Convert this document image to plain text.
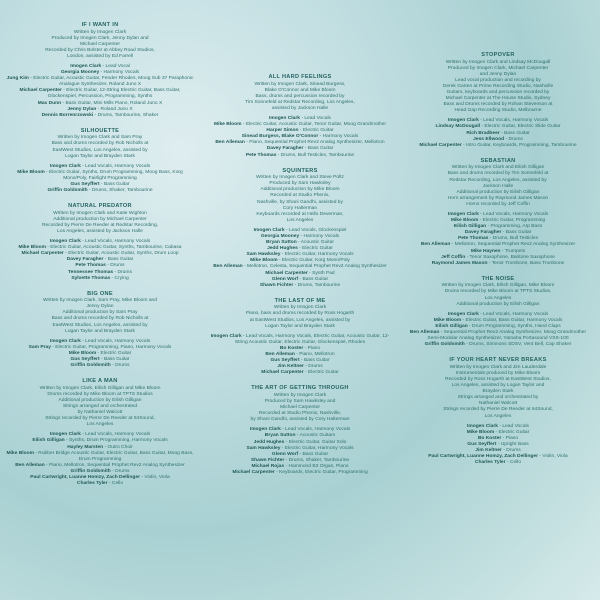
IF I WANT IN

Written by Imogen Clark

Produced by Imogen Clark, Jenny Dylan and

Michael Carpenter

Recorded by Chris Bolster at Abbey Road Studios,

London, assisted by Ed Farrell

Imogen Clark - Lead Vocal

Georgia Mooney - Harmony Vocals

Jung Kim - Electric Guitar, Acoustic Guitar, Fender Rhodes, Moog Sub 37 Paraphonic Analogue Synthesizer, Roland Juno X

Michael Carpenter - Electric Guitar, 12-String Electric Guitar, Bass Guitar, Glockenspiel, Percussion, Programming, Synths

Max Dunn - Bass Guitar, Mini Mills Piano, Roland Juno X

Jenny Dylan - Roland Juno X

Dennis Borrenrzowski - Drums, Tambourine, Shaker

SILHOUETTE

Written by Imogen Clark and Sam Pray

Bass and drums recorded by Rob Nicholls at

EastWest Studios, Los Angeles, assisted by

Logan Taylor and Brayden Stark

Imogen Clark - Lead Vocals, Harmony Vocals

Mike Bloom - Electric Guitar, Synths, Drum Programming, Moog Bass, Korg Mono/Poly, Fairlight Programming

Gus Seyffert - Bass Guitar

Griffin Goldsmith - Drums, Shaker, Tambourine

NATURAL PREDATOR

Written by Imogen Clark and Katie Wighton

Additional production by Michael Carpenter

Recorded by Pierre De Reeder at Redstar Recording,

Los Angeles, assisted by Jackson Halle

Imogen Clark - Lead Vocals, Harmony Vocals

Mike Bloom - Electric Guitar, Acoustic Guitar, Synths, Tambourine, Cabasa

Michael Carpenter - Electric Guitar, Acoustic Guitar, Synths, Drum Loop

Davey Faragher - Bass Guitar

Pete Thomas - Drums

Tennessee Thomas - Drums

Sylvette Thomas - Crying

BIG ONE

Written by Imogen Clark, Sam Pray, Mike Bloom and

Jenny Dylan

Additional production by Sam Pray

Bass and drums recorded by Rob Nicholls at

EastWest Studios, Los Angeles, assisted by

Logan Taylor and Brayden Stark

Imogen Clark - Lead Vocals, Harmony Vocals

Sam Pray - Electric Guitar, Programming, Piano, Harmony Vocals

Mike Bloom - Electric Guitar

Gus Seyffert - Bass Guitar

Griffin Goldsmith - Drums

LIKE A MAN

Written by Imogen Clark, Eilish Gilligan and Mike Bloom

Drums recorded by Mike Bloom at TPTS Studios

Additional production by Eilish Gilligan

Strings arranged and orchestrated

by Nathaniel Walcott

Strings recorded by Pierre De Reeder at 64Sound,

Los Angeles

Imogen Clark - Lead Vocals, Harmony Vocals

Eilish Gilligan - Synths, Drum Programming, Harmony Vocals

Hayley Marsten - Outro Choir

Mike Bloom - Rubber Bridge Acoustic Guitar, Electric Guitar, Bass Guitar, Moog Bass, Drum Programming

Ben Alleman - Piano, Mellotron, Sequential Prophet Rev2 Analog Synthesizer

Griffin Goldsmith - Drums

Paul Cartwright, Luanne Homzy, Zach Dellinger - Violin, Viola

Charles Tyler - Cello

ALL HARD FEELINGS

Written by Imogen Clark, Sinead Burgess,

Blake O'Connor and Mike Bloom

Bass, drums and percussion recorded by

Tim Sonnefeld at Redstar Recording, Los Angeles,

assisted by Jackson Halle

Imogen Clark - Lead Vocals

Mike Bloom - Electric Guitar, Acoustic Guitar, Tenor Guitar, Moog Grandmother

Harper Simon - Electric Guitar

Sinead Burgess, Blake O'Connor - Harmony Vocals

Ben Alleman - Piano, Sequential Prophet Rev2 Analog Synthesizer, Mellotron

Davey Faragher - Bass Guitar

Pete Thomas - Drums, Bull Testicles, Tambourine

SQUINTERS

Written by Imogen Clark and Steve Poltz

Produced by Sam Hawksley

Additional production by Mike Bloom

Recorded at Studio Phenix,

Nashville, by Shani Gandhi, assisted by

Cory Halterman

Keyboards recorded at Hello Deverman,

Los Angeles

Imogen Clark - Lead Vocals, Glockenspiel

Georgia Mooney - Harmony Vocals

Bryan Sutton - Acoustic Guitar

Jedd Hughes - Electric Guitar

Sam Hawksley - Electric Guitar, Harmony Vocals

Mike Bloom - Electric Guitar, Korg Mono/Poly

Ben Alleman - Mellotron, Celesta, Sequential Prophet Rev2 Analog Synthesizer

Michael Carpenter - Synth Pad

Glenn Worf - Bass Guitar

Shawn Fichter - Drums, Tambourine

THE LAST OF ME

Written by Imogen Clark

Piano, bass and drums recorded by Ross Hogarth

at EastWest Studios, Los Angeles, assisted by

Logan Taylor and Brayden Stark

Imogen Clark - Lead Vocals, Harmony Vocals, Electric Guitar, Acoustic Guitar, 12-String Acoustic Guitar, Electric Guitar, Glockenspiel, Rhodes

Bo Koster - Piano

Ben Alleman - Piano, Mellotron

Gus Seyffert - Bass Guitar

Jim Keltner - Drums

Michael Carpenter - Electric Guitar

THE ART OF GETTING THROUGH

Written by Imogen Clark

Produced by Sam Hawksley and

Michael Carpenter

Recorded at Studio Phenix, Nashville,

by Shani Gandhi, assisted by Cory Halterman

Imogen Clark - Lead Vocals, Harmony Vocals

Bryan Sutton - Acoustic Guitars

Jedd Hughes - Electric Guitar, Guitar Solo

Sam Hawksley - Electric Guitar, Harmony Vocals

Glenn Worf - Bass Guitar

Shawn Fichter - Drums, Shaker, Tambourine

Michael Rojas - Hammond B3 Organ, Piano

Michael Carpenter - Keyboards, Electric Guitar, Programming

STOPOVER

Written by Imogen Clark and Lindsay McDougall

Produced by Imogen Clark, Michael Carpenter

and Jenny Dylan

Lead vocal production and recording by

Derek Garten at Prime Recording Studio, Nashville

Guitars, keyboards and percussion recorded by

Michael Carpenter at The House Studio, Sydney

Bass and Drums recorded by Rohan Stevenson at

Head Gap Recording Studio, Melbourne

Imogen Clark - Lead Vocals, Harmony Vocals

Lindsay McDougall - Electric Guitar, Electric Slide Guitar

Rich Bradbeer - Bass Guitar

Jess Ellwood - Drums

Michael Carpenter - Intro Guitar, Keyboards, Programming, Tambourine

SEBASTIAN

Written by Imogen Clark and Eilish Gilligan

Bass and drums recorded by Tim Sonnefeld at

Redstar Recording, Los Angeles, assisted by

Jackson Halle

Additional production by Eilish Gilligan

Horn arrangement by Raymond James Mason

Horns recorded by Jeff Coffin

Imogen Clark - Lead Vocals, Harmony Vocals

Mike Bloom - Electric Guitar, Programming

Eilish Gilligan - Programming, Arp Bass

Davey Faragher - Bass Guitar

Pete Thomas - Drums, Bull Testicles

Ben Alleman - Mellotron, Sequential Prophet Rev2 Analog Synthesizer

Mike Haynes - Trumpets

Jeff Coffin - Tenor Saxophone, Baritone Saxophone

Raymond James Mason - Tenor Trombone, Bass Trombone

THE NOISE

Written by Imogen Clark, Eilish Gilligan, Mike Bloom

Drums recorded by Mike Bloom at TPTS Studios,

Los Angeles

Additional production by Eilish Gilligan

Imogen Clark - Lead Vocals, Harmony Vocals

Mike Bloom - Electric Guitar, Bass Guitar, Harmony Vocals

Eilish Gilligan - Drum Programming, Synths, Hand Claps

Ben Alleman - Sequential Prophet Rev2 Analog Synthesizer, Moog Grandmother Semi-Modular Analog Synthesizer, Yamaha Portasound VSS-100

Griffin Goldsmith - Drums, Simmons SDSV, Vent Bell, Cap Shaker

IF YOUR HEART NEVER BREAKS

Written by Imogen Clark and Jim Lauderdale

Instrumentals produced by Mike Bloom

Recorded by Ross Hogarth at EastWest Studios,

Los Angeles, assisted by Logan Taylor and

Brayden Stark

Strings arranged and orchestrated by

Nathaniel Walcott

Strings recorded by Pierre De Reeder at 64Sound,

Los Angeles

Imogen Clark - Lead Vocals

Mike Bloom - Electric Guitar

Bo Koster - Piano

Gus Seyffert - Upright Bass

Jim Keltner - Drums

Paul Cartwright, Luanne Homzy, Zach Dellinger - Violin, Viola

Charles Tyler - Cello
